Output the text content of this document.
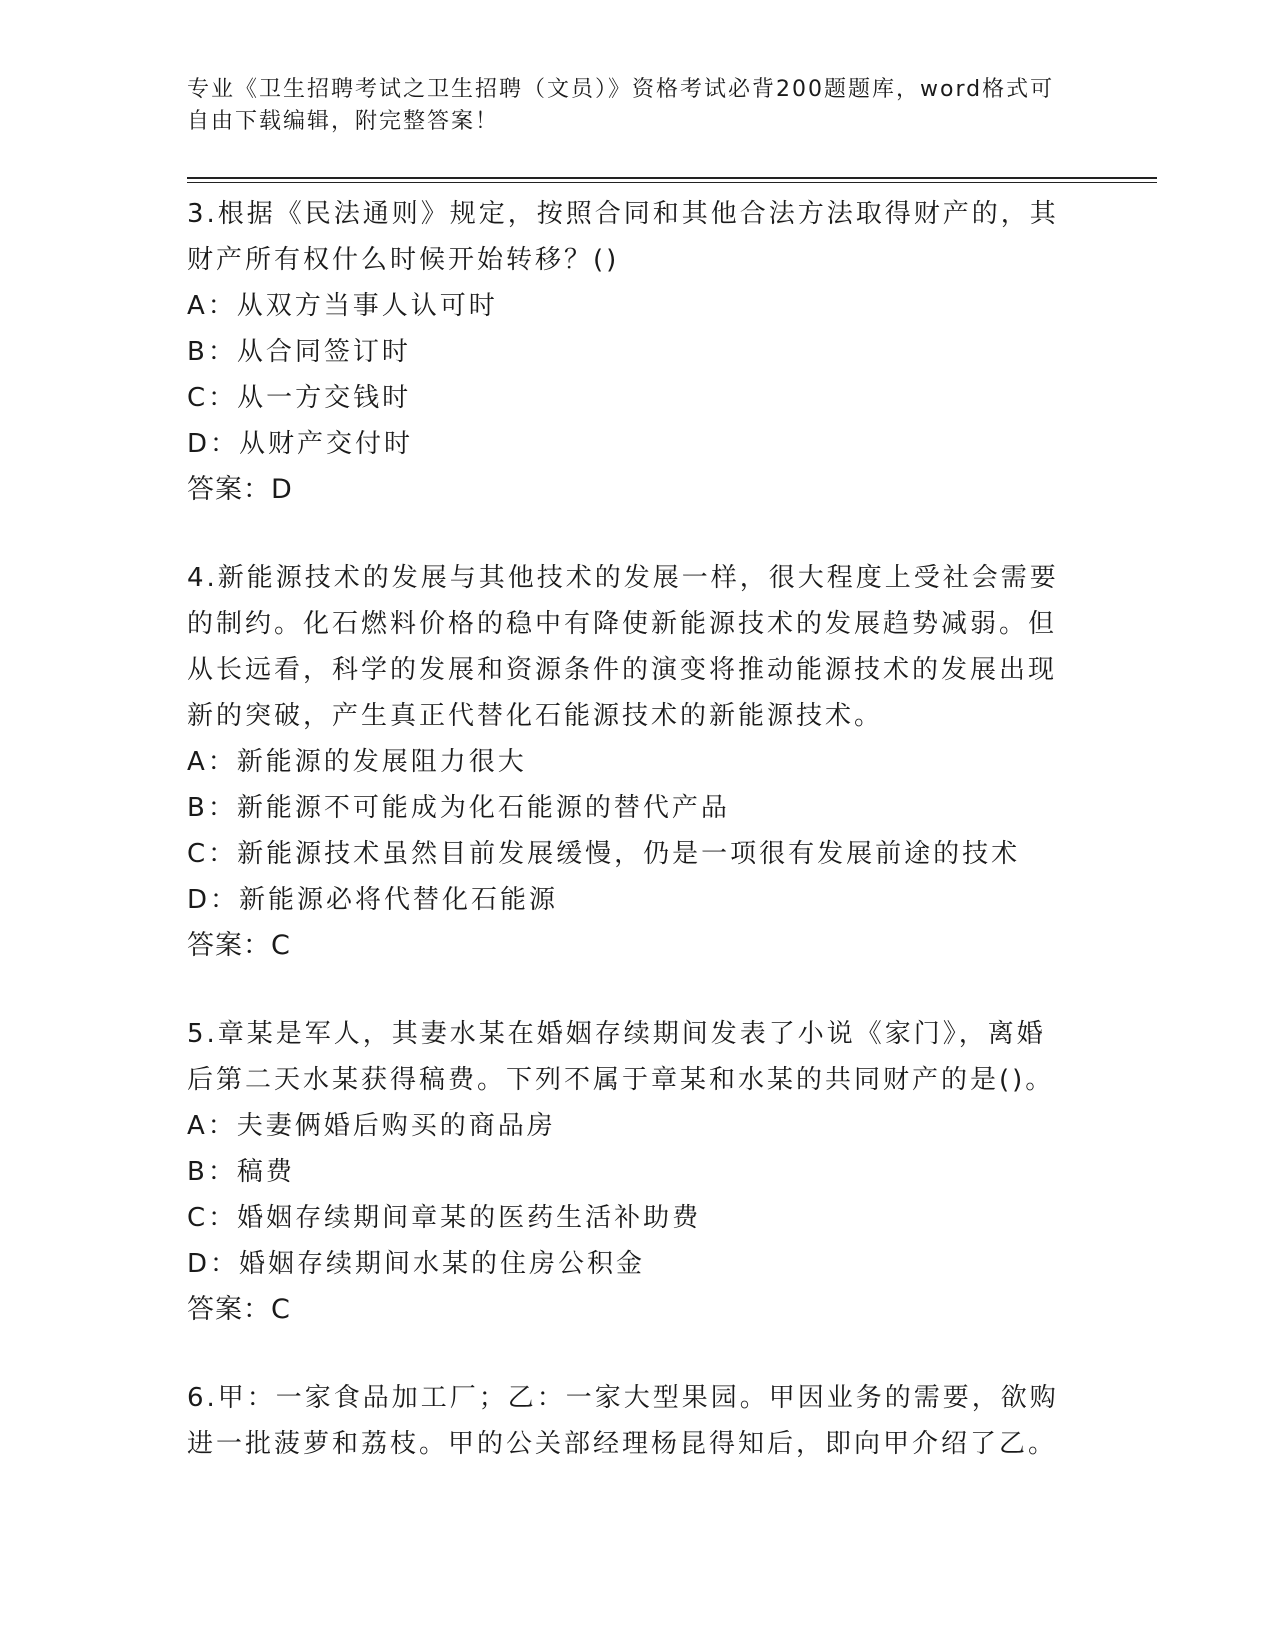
专业《卫生招聘考试之卫生招聘（文员）》资格考试必背200题题库，word格式可自由下载编辑，附完整答案！

3.根据《民法通则》规定，按照合同和其他合法方法取得财产的，其财产所有权什么时候开始转移？()

A：从双方当事人认可时

B：从合同签订时

C：从一方交钱时

D：从财产交付时

答案：D

4.新能源技术的发展与其他技术的发展一样，很大程度上受社会需要的制约。化石燃料价格的稳中有降使新能源技术的发展趋势减弱。但从长远看，科学的发展和资源条件的演变将推动能源技术的发展出现新的突破，产生真正代替化石能源技术的新能源技术。

A：新能源的发展阻力很大

B：新能源不可能成为化石能源的替代产品

C：新能源技术虽然目前发展缓慢，仍是一项很有发展前途的技术

D：新能源必将代替化石能源

答案：C

5.章某是军人，其妻水某在婚姻存续期间发表了小说《家门》，离婚后第二天水某获得稿费。下列不属于章某和水某的共同财产的是()。

A：夫妻俩婚后购买的商品房

B：稿费

C：婚姻存续期间章某的医药生活补助费

D：婚姻存续期间水某的住房公积金

答案：C

6.甲：一家食品加工厂；乙：一家大型果园。甲因业务的需要，欲购进一批菠萝和荔枝。甲的公关部经理杨昆得知后，即向甲介绍了乙。
